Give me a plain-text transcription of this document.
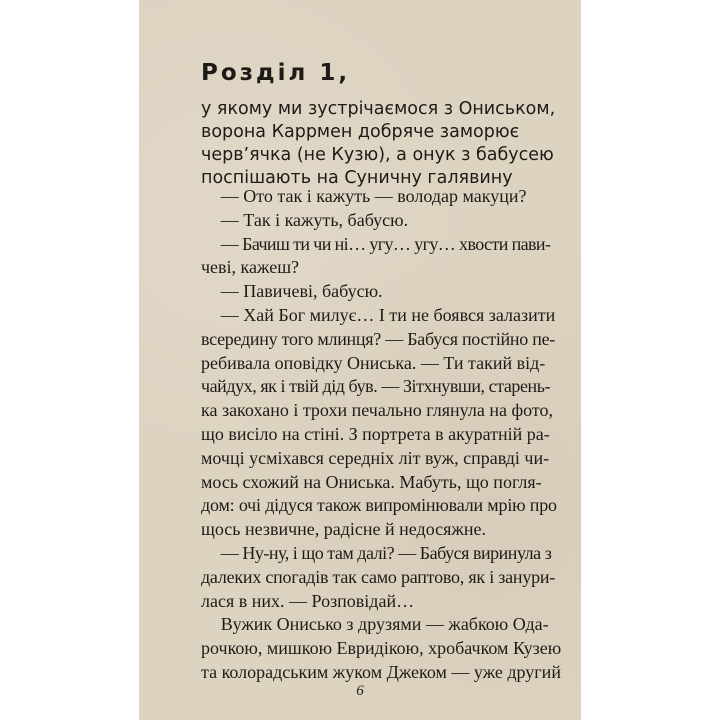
Розділ 1,
у якому ми зустрічаємося з Ониськом,
ворона Каррмен добряче заморює
черв’ячка (не Кузю), а онук з бабусею
поспішають на Суничну галявину
— Ото так і кажуть — володар макуци?
— Так і кажуть, бабусю.
— Бачиш ти чи ні… угу… угу… хвости пави-
чеві, кажеш?
— Павичеві, бабусю.
— Хай Бог милує… І ти не боявся залазити
всередину того млинця? — Бабуся постійно пе-
ребивала оповідку Ониська. — Ти такий від-
чайдух, як і твій дід був. — Зітхнувши, старень-
ка закохано і трохи печально глянула на фото,
що висіло на стіні. З портрета в акуратній ра-
мочці усміхався середніх літ вуж, справді чи-
мось схожий на Ониська. Мабуть, що погля-
дом: очі дідуся також випромінювали мрію про
щось незвичне, радісне й недосяжне.
— Ну-ну, і що там далі? — Бабуся виринула з
далеких спогадів так само раптово, як і занури-
лася в них. — Розповідай…
Вужик Онисько з друзями — жабкою Ода-
рочкою, мишкою Евридікою, хробачком Кузею
та колорадським жуком Джеком — уже другий
6
